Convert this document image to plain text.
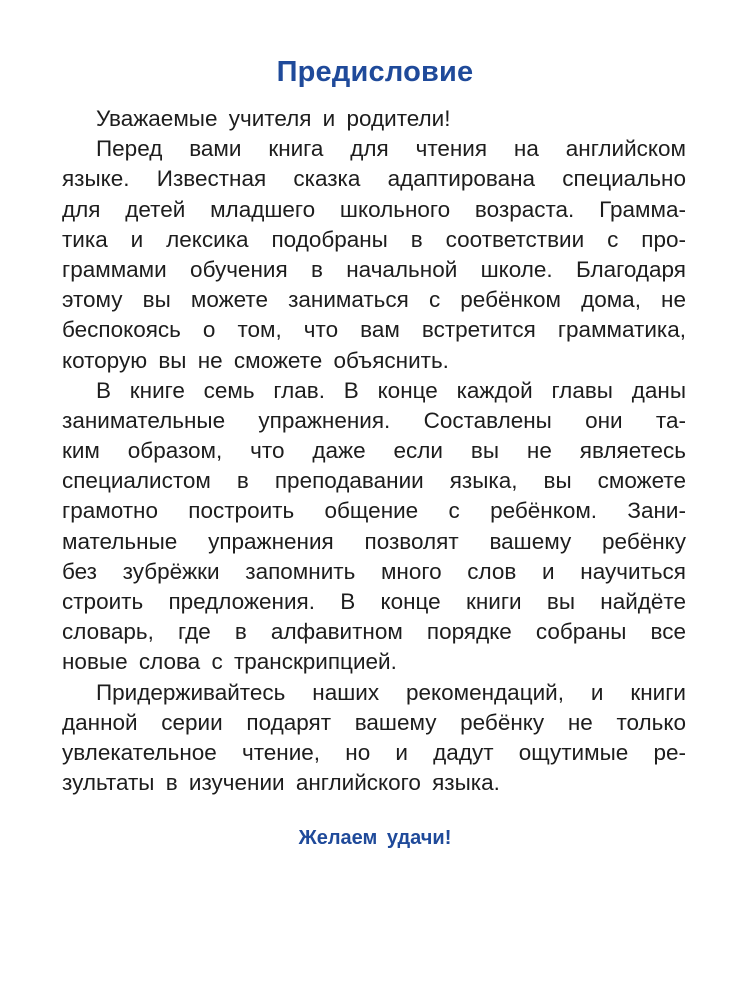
Предисловие
Уважаемые учителя и родители!
Перед вами книга для чтения на английском
языке. Известная сказка адаптирована специально
для детей младшего школьного возраста. Грамма-
тика и лексика подобраны в соответствии с про-
граммами обучения в начальной школе. Благодаря
этому вы можете заниматься с ребёнком дома, не
беспокоясь о том, что вам встретится грамматика,
которую вы не сможете объяснить.
В книге семь глав. В конце каждой главы даны
занимательные упражнения. Составлены они та-
ким образом, что даже если вы не являетесь
специалистом в преподавании языка, вы сможете
грамотно построить общение с ребёнком. Зани-
мательные упражнения позволят вашему ребёнку
без зубрёжки запомнить много слов и научиться
строить предложения. В конце книги вы найдёте
словарь, где в алфавитном порядке собраны все
новые слова с транскрипцией.
Придерживайтесь наших рекомендаций, и книги
данной серии подарят вашему ребёнку не только
увлекательное чтение, но и дадут ощутимые ре-
зультаты в изучении английского языка.
Желаем удачи!
